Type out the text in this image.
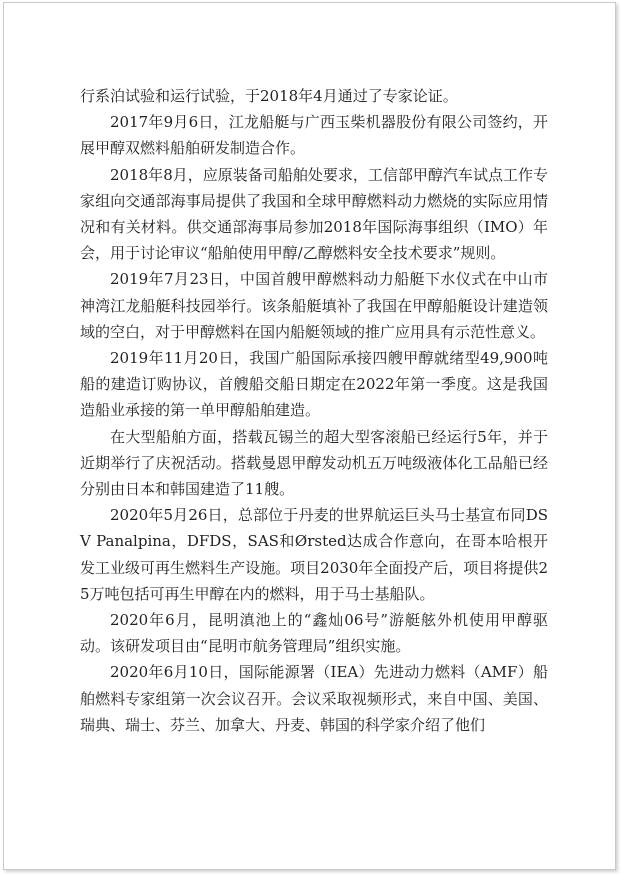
行系泊试验和运行试验，于2018年4月通过了专家论证。

2017年9月6日，江龙船艇与广西玉柴机器股份有限公司签约，开展甲醇双燃料船舶研发制造合作。

2018年8月，应原装备司船舶处要求，工信部甲醇汽车试点工作专家组向交通部海事局提供了我国和全球甲醇燃料动力燃烧的实际应用情况和有关材料。供交通部海事局参加2018年国际海事组织（IMO）年会，用于讨论审议“船舶使用甲醇/乙醇燃料安全技术要求”规则。

2019年7月23日，中国首艘甲醇燃料动力船艇下水仪式在中山市神湾江龙船艇科技园举行。该条船艇填补了我国在甲醇船艇设计建造领域的空白，对于甲醇燃料在国内船艇领域的推广应用具有示范性意义。

2019年11月20日，我国广船国际承接四艘甲醇就绪型49,900吨船的建造订购协议，首艘船交船日期定在2022年第一季度。这是我国造船业承接的第一单甲醇船舶建造。

在大型船舶方面，搭载瓦锡兰的超大型客滚船已经运行5年，并于近期举行了庆祝活动。搭载曼恩甲醇发动机五万吨级液体化工品船已经分别由日本和韩国建造了11艘。

2020年5月26日，总部位于丹麦的世界航运巨头马士基宣布同DSV Panalpina，DFDS，SAS和Ørsted达成合作意向，在哥本哈根开发工业级可再生燃料生产设施。项目2030年全面投产后，项目将提供25万吨包括可再生甲醇在内的燃料，用于马士基船队。

2020年6月，昆明滇池上的“鑫灿06号”游艇舷外机使用甲醇驱动。该研发项目由“昆明市航务管理局”组织实施。

2020年6月10日，国际能源署（IEA）先进动力燃料（AMF）船舶燃料专家组第一次会议召开。会议采取视频形式，来自中国、美国、瑞典、瑞士、芬兰、加拿大、丹麦、韩国的科学家介绍了他们
